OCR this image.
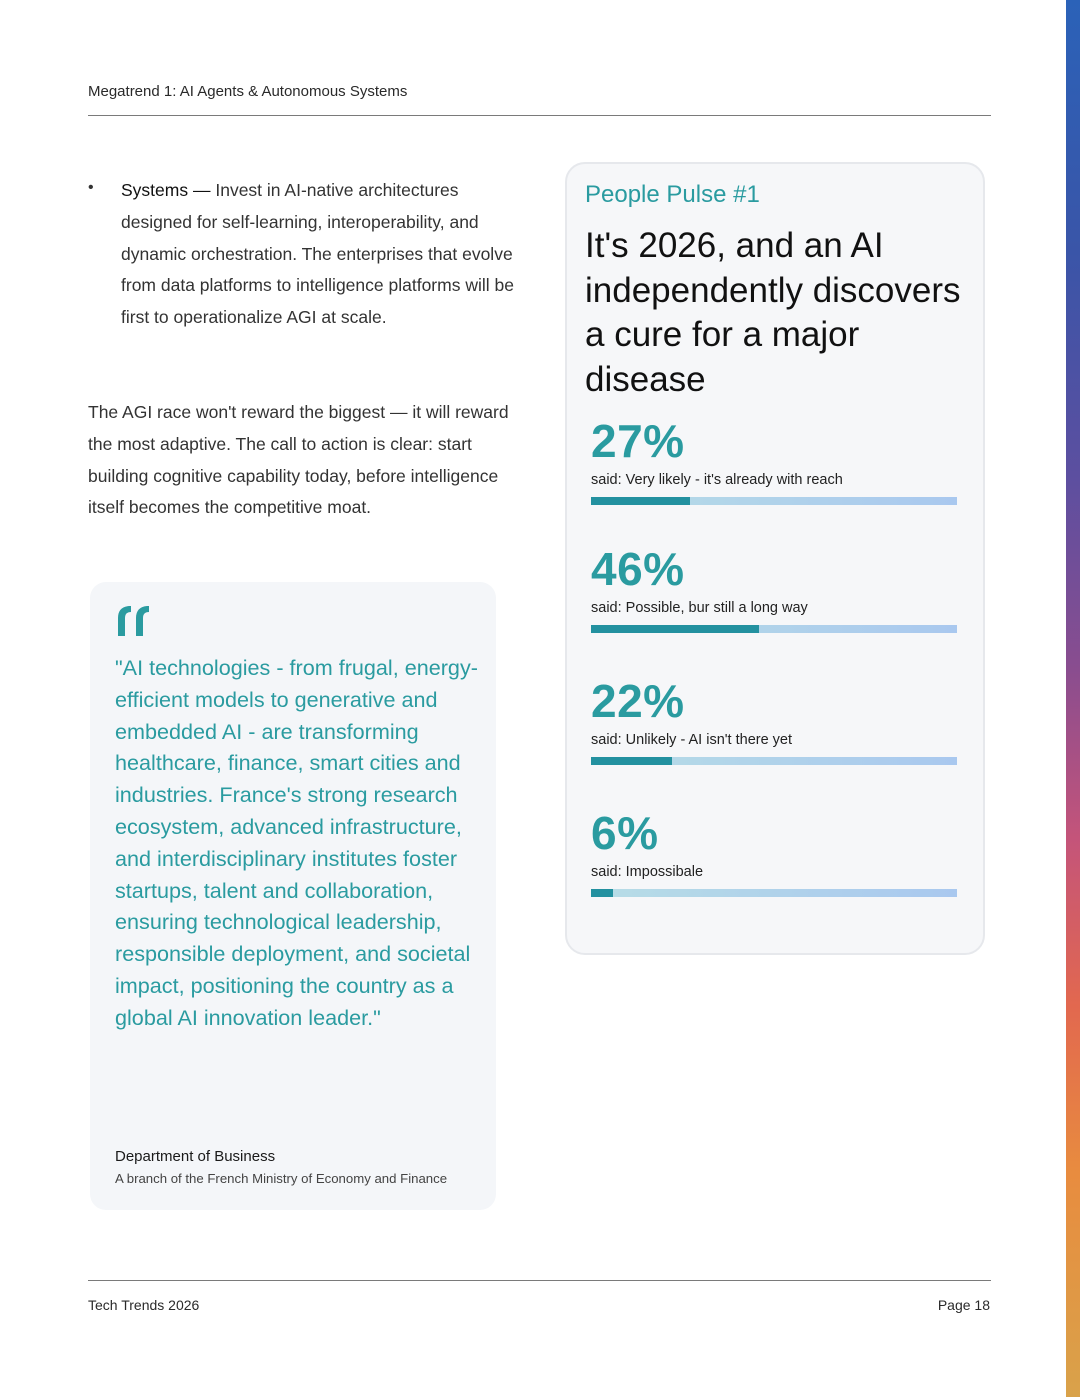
Megatrend 1: AI Agents & Autonomous Systems
• Systems — Invest in AI-native architectures designed for self-learning, interoperability, and dynamic orchestration. The enterprises that evolve from data platforms to intelligence platforms will be first to operationalize AGI at scale.

The AGI race won't reward the biggest — it will reward the most adaptive. The call to action is clear: start building cognitive capability today, before intelligence itself becomes the competitive moat.

"AI technologies - from frugal, energy-efficient models to generative and embedded AI - are transforming healthcare, finance, smart cities and industries. France's strong research ecosystem, advanced infrastructure, and interdisciplinary institutes foster startups, talent and collaboration, ensuring technological leadership, responsible deployment, and societal impact, positioning the country as a global AI innovation leader."

Department of Business
A branch of the French Ministry of Economy and Finance
People Pulse #1
It's 2026, and an AI independently discovers a cure for a major disease
27%
said: Very likely - it's already with reach
46%
said: Possible, bur still a long way
22%
said: Unlikely - AI isn't there yet
6%
said: Impossibale
Tech Trends 2026	Page 18
